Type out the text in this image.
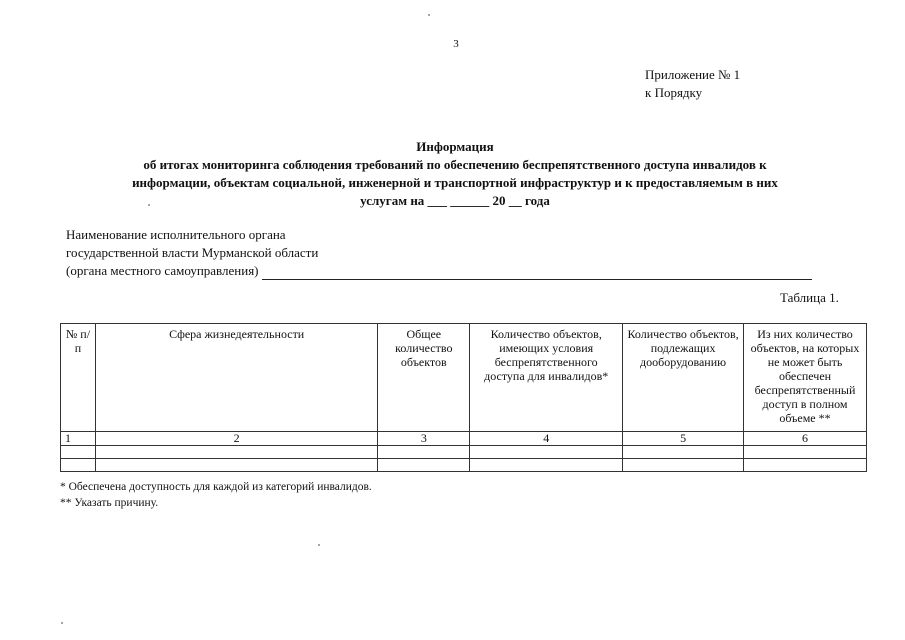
3
Приложение № 1
к Порядку
Информация
об итогах мониторинга соблюдения требований по обеспечению беспрепятственного доступа инвалидов к
информации, объектам социальной, инженерной и транспортной инфраструктур и к предоставляемым в них
услугам на ___ ______ 20 __ года
Наименование исполнительного органа
государственной власти Мурманской области
(органа местного самоуправления)
Таблица 1.
№ п/п	Сфера жизнедеятельности	Общее количество объектов	Количество объектов, имеющих условия беспрепятственного доступа для инвалидов*	Количество объектов, подлежащих дооборудованию	Из них количество объектов, на которых не может быть обеспечен беспрепятственный доступ в полном объеме **
1	2	3	4	5	6

* Обеспечена доступность для каждой из категорий инвалидов.
** Указать причину.
